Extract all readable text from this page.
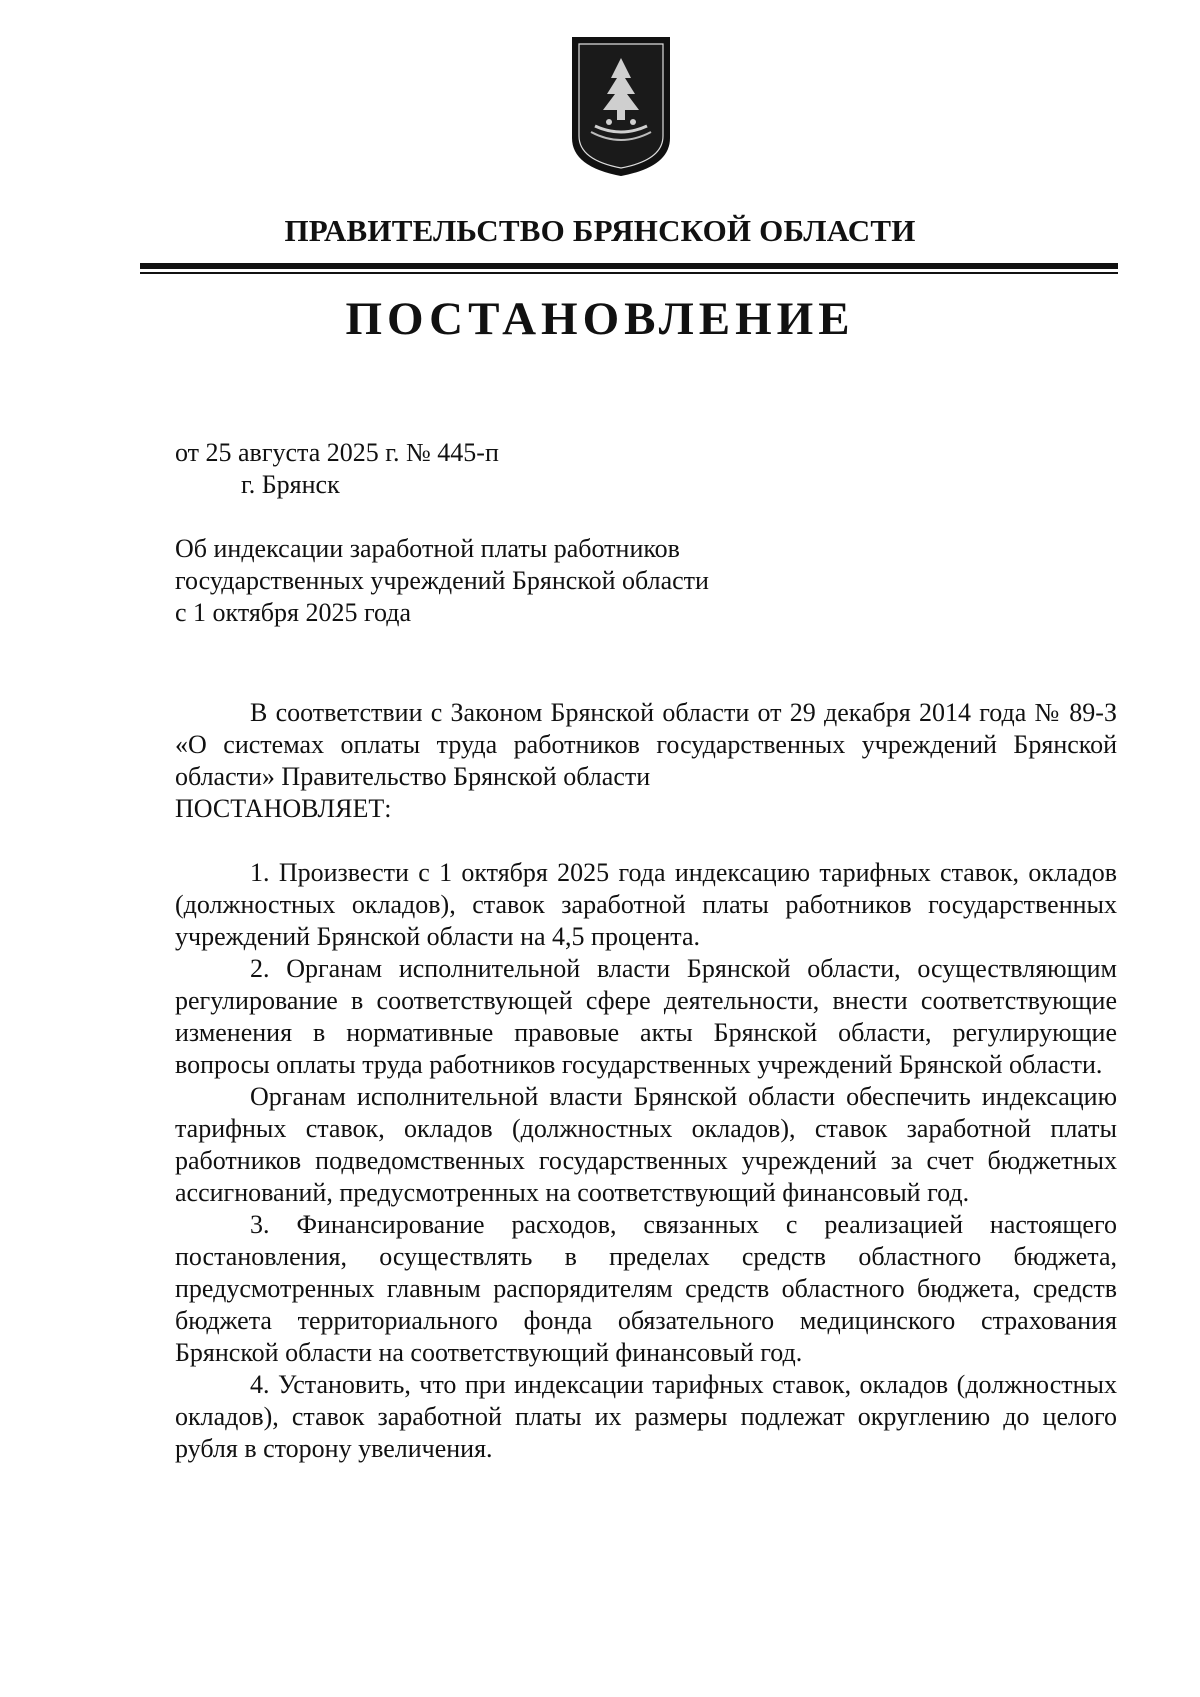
ПРАВИТЕЛЬСТВО БРЯНСКОЙ ОБЛАСТИ
ПОСТАНОВЛЕНИЕ
от 25 августа 2025 г. № 445-п
г. Брянск
Об индексации заработной платы работников
государственных учреждений Брянской области
с 1 октября 2025 года

В соответствии с Законом Брянской области от 29 декабря 2014 года № 89-З «О системах оплаты труда работников государственных учреждений Брянской области» Правительство Брянской области

ПОСТАНОВЛЯЕТ:

1. Произвести с 1 октября 2025 года индексацию тарифных ставок, окладов (должностных окладов), ставок заработной платы работников государственных учреждений Брянской области на 4,5 процента.

2. Органам исполнительной власти Брянской области, осуществляющим регулирование в соответствующей сфере деятельности, внести соответствующие изменения в нормативные правовые акты Брянской области, регулирующие вопросы оплаты труда работников государственных учреждений Брянской области.

Органам исполнительной власти Брянской области обеспечить индексацию тарифных ставок, окладов (должностных окладов), ставок заработной платы работников подведомственных государственных учреждений за счет бюджетных ассигнований, предусмотренных на соответствующий финансовый год.

3. Финансирование расходов, связанных с реализацией настоящего постановления, осуществлять в пределах средств областного бюджета, предусмотренных главным распорядителям средств областного бюджета, средств бюджета территориального фонда обязательного медицинского страхования Брянской области на соответствующий финансовый год.

4. Установить, что при индексации тарифных ставок, окладов (должностных окладов), ставок заработной платы их размеры подлежат округлению до целого рубля в сторону увеличения.
